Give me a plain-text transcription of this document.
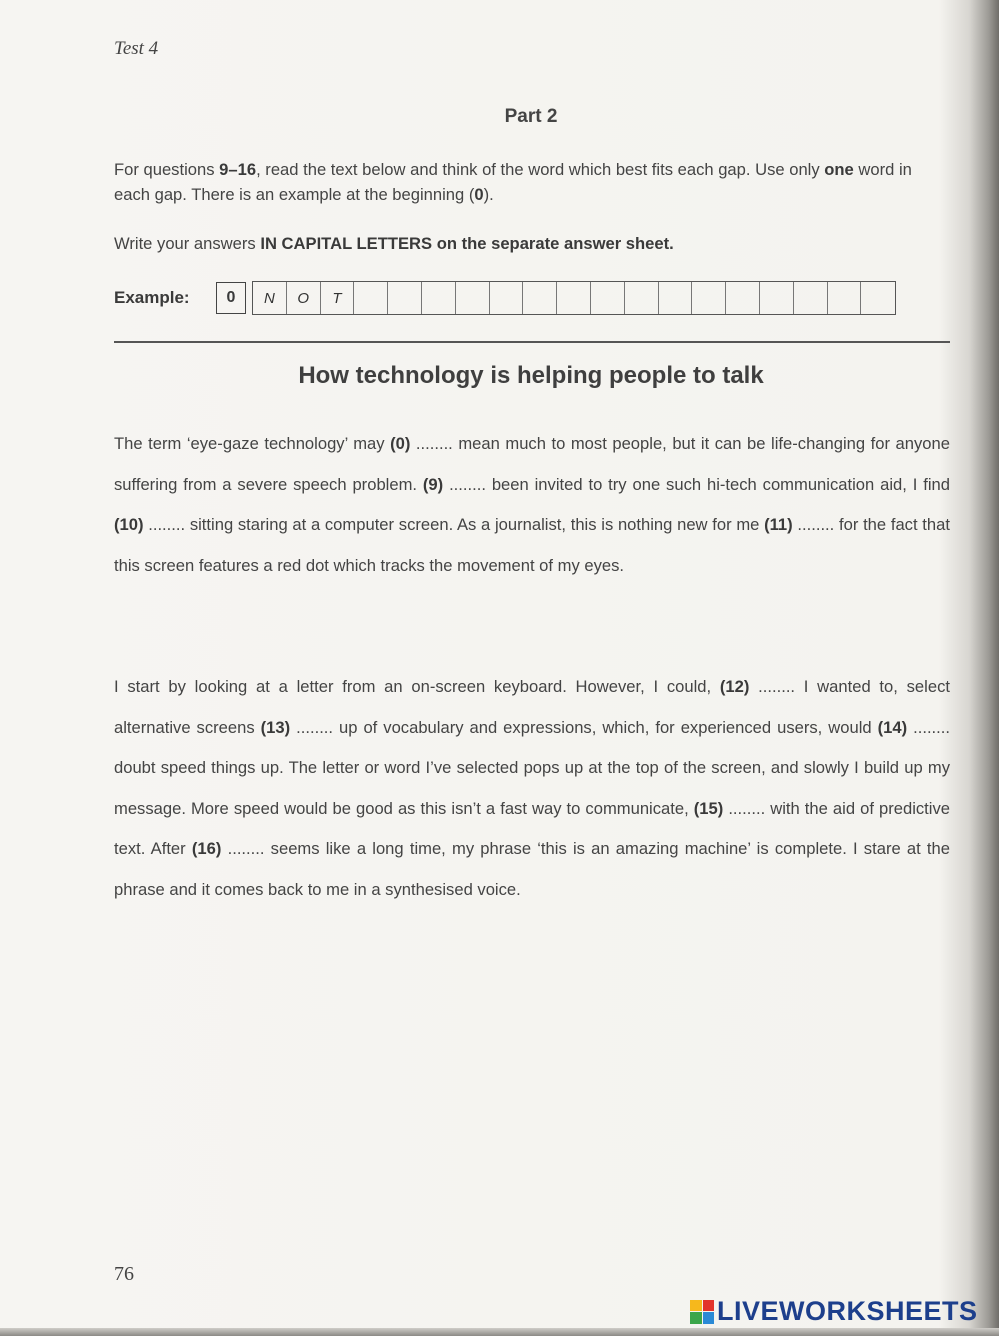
Test 4
Part 2
For questions 9–16, read the text below and think of the word which best fits each gap. Use only one word in each gap. There is an example at the beginning (0).
Write your answers IN CAPITAL LETTERS on the separate answer sheet.
Example:	0	N	O	T
How technology is helping people to talk
The term ‘eye-gaze technology’ may (0) ........ mean much to most people, but it can be life-changing for anyone suffering from a severe speech problem. (9) ........ been invited to try one such hi-tech communication aid, I find (10) ........ sitting staring at a computer screen. As a journalist, this is nothing new for me (11) ........ for the fact that this screen features a red dot which tracks the movement of my eyes.
I start by looking at a letter from an on-screen keyboard. However, I could, (12) ........ I wanted to, select alternative screens (13) ........ up of vocabulary and expressions, which, for experienced users, would (14) ........ doubt speed things up. The letter or word I’ve selected pops up at the top of the screen, and slowly I build up my message. More speed would be good as this isn’t a fast way to communicate, (15) ........ with the aid of predictive text. After (16) ........ seems like a long time, my phrase ‘this is an amazing machine’ is complete. I stare at the phrase and it comes back to me in a synthesised voice.
76
LIVEWORKSHEETS
